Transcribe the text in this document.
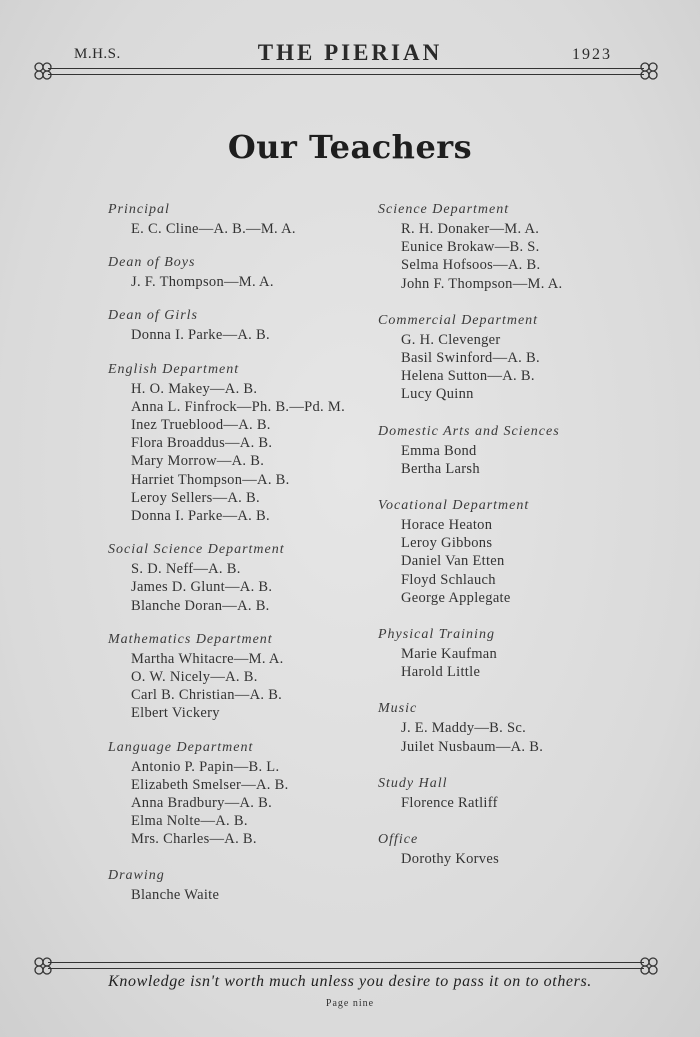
M.H.S.	THE PIERIAN	1923
Our Teachers
Principal
E. C. Cline—A. B.—M. A.
Dean of Boys
J. F. Thompson—M. A.
Dean of Girls
Donna I. Parke—A. B.
English Department
H. O. Makey—A. B.
Anna L. Finfrock—Ph. B.—Pd. M.
Inez Trueblood—A. B.
Flora Broaddus—A. B.
Mary Morrow—A. B.
Harriet Thompson—A. B.
Leroy Sellers—A. B.
Donna I. Parke—A. B.
Social Science Department
S. D. Neff—A. B.
James D. Glunt—A. B.
Blanche Doran—A. B.
Mathematics Department
Martha Whitacre—M. A.
O. W. Nicely—A. B.
Carl B. Christian—A. B.
Elbert Vickery
Language Department
Antonio P. Papin—B. L.
Elizabeth Smelser—A. B.
Anna Bradbury—A. B.
Elma Nolte—A. B.
Mrs. Charles—A. B.
Drawing
Blanche Waite
Science Department
R. H. Donaker—M. A.
Eunice Brokaw—B. S.
Selma Hofsoos—A. B.
John F. Thompson—M. A.
Commercial Department
G. H. Clevenger
Basil Swinford—A. B.
Helena Sutton—A. B.
Lucy Quinn
Domestic Arts and Sciences
Emma Bond
Bertha Larsh
Vocational Department
Horace Heaton
Leroy Gibbons
Daniel Van Etten
Floyd Schlauch
George Applegate
Physical Training
Marie Kaufman
Harold Little
Music
J. E. Maddy—B. Sc.
Juilet Nusbaum—A. B.
Study Hall
Florence Ratliff
Office
Dorothy Korves
Knowledge isn't worth much unless you desire to pass it on to others.
Page nine
